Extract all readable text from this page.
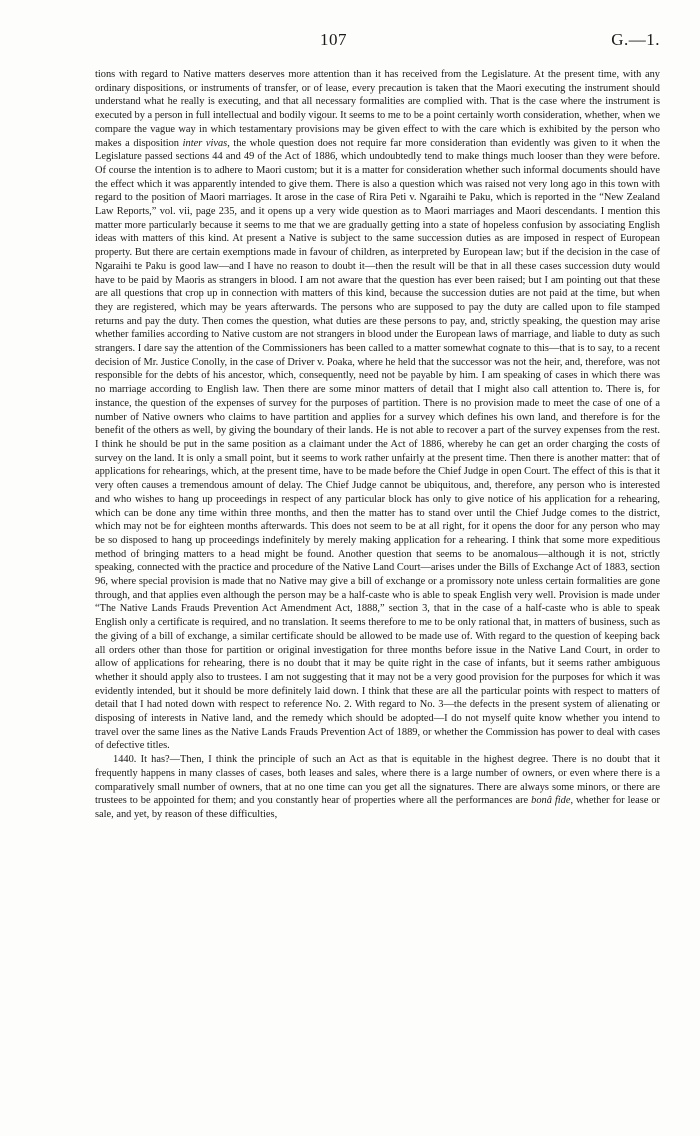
107	G.—1.

tions with regard to Native matters deserves more attention than it has received from the Legislature. At the present time, with any ordinary dispositions, or instruments of transfer, or of lease, every precaution is taken that the Maori executing the instrument should understand what he really is executing, and that all necessary formalities are complied with. That is the case where the instrument is executed by a person in full intellectual and bodily vigour. It seems to me to be a point certainly worth consideration, whether, when we compare the vague way in which testamentary provisions may be given effect to with the care which is exhibited by the person who makes a disposition inter vivas, the whole question does not require far more consideration than evidently was given to it when the Legislature passed sections 44 and 49 of the Act of 1886, which undoubtedly tend to make things much looser than they were before. Of course the intention is to adhere to Maori custom; but it is a matter for consideration whether such informal documents should have the effect which it was apparently intended to give them. There is also a question which was raised not very long ago in this town with regard to the position of Maori marriages. It arose in the case of Rira Peti v. Ngaraihi te Paku, which is reported in the “New Zealand Law Reports,” vol. vii, page 235, and it opens up a very wide question as to Maori marriages and Maori descendants. I mention this matter more particularly because it seems to me that we are gradually getting into a state of hopeless confusion by associating English ideas with matters of this kind. At present a Native is subject to the same succession duties as are imposed in respect of European property. But there are certain exemptions made in favour of children, as interpreted by European law; but if the decision in the case of Ngaraihi te Paku is good law—and I have no reason to doubt it—then the result will be that in all these cases succession duty would have to be paid by Maoris as strangers in blood. I am not aware that the question has ever been raised; but I am pointing out that these are all questions that crop up in connection with matters of this kind, because the succession duties are not paid at the time, but when they are registered, which may be years afterwards. The persons who are supposed to pay the duty are called upon to file stamped returns and pay the duty. Then comes the question, what duties are these persons to pay, and, strictly speaking, the question may arise whether families according to Native custom are not strangers in blood under the European laws of marriage, and liable to duty as such strangers. I dare say the attention of the Commissioners has been called to a matter somewhat cognate to this—that is to say, to a recent decision of Mr. Justice Conolly, in the case of Driver v. Poaka, where he held that the successor was not the heir, and, therefore, was not responsible for the debts of his ancestor, which, consequently, need not be payable by him. I am speaking of cases in which there was no marriage according to English law. Then there are some minor matters of detail that I might also call attention to. There is, for instance, the question of the expenses of survey for the purposes of partition. There is no provision made to meet the case of one of a number of Native owners who claims to have partition and applies for a survey which defines his own land, and therefore is for the benefit of the others as well, by giving the boundary of their lands. He is not able to recover a part of the survey expenses from the rest. I think he should be put in the same position as a claimant under the Act of 1886, whereby he can get an order charging the costs of survey on the land. It is only a small point, but it seems to work rather unfairly at the present time. Then there is another matter: that of applications for rehearings, which, at the present time, have to be made before the Chief Judge in open Court. The effect of this is that it very often causes a tremendous amount of delay. The Chief Judge cannot be ubiquitous, and, therefore, any person who is interested and who wishes to hang up proceedings in respect of any particular block has only to give notice of his application for a rehearing, which can be done any time within three months, and then the matter has to stand over until the Chief Judge comes to the district, which may not be for eighteen months afterwards. This does not seem to be at all right, for it opens the door for any person who may be so disposed to hang up proceedings indefinitely by merely making application for a rehearing. I think that some more expeditious method of bringing matters to a head might be found. Another question that seems to be anomalous—although it is not, strictly speaking, connected with the practice and procedure of the Native Land Court—arises under the Bills of Exchange Act of 1883, section 96, where special provision is made that no Native may give a bill of exchange or a promissory note unless certain formalities are gone through, and that applies even although the person may be a half-caste who is able to speak English very well. Provision is made under “The Native Lands Frauds Prevention Act Amendment Act, 1888,” section 3, that in the case of a half-caste who is able to speak English only a certificate is required, and no translation. It seems therefore to me to be only rational that, in matters of business, such as the giving of a bill of exchange, a similar certificate should be allowed to be made use of. With regard to the question of keeping back all orders other than those for partition or original investigation for three months before issue in the Native Land Court, in order to allow of applications for rehearing, there is no doubt that it may be quite right in the case of infants, but it seems rather ambiguous whether it should apply also to trustees. I am not suggesting that it may not be a very good provision for the purposes for which it was evidently intended, but it should be more definitely laid down. I think that these are all the particular points with respect to matters of detail that I had noted down with respect to reference No. 2. With regard to No. 3—the defects in the present system of alienating or disposing of interests in Native land, and the remedy which should be adopted—I do not myself quite know whether you intend to travel over the same lines as the Native Lands Frauds Prevention Act of 1889, or whether the Commission has power to deal with cases of defective titles.

1440. It has?—Then, I think the principle of such an Act as that is equitable in the highest degree. There is no doubt that it frequently happens in many classes of cases, both leases and sales, where there is a large number of owners, or even where there is a comparatively small number of owners, that at no one time can you get all the signatures. There are always some minors, or there are trustees to be appointed for them; and you constantly hear of properties where all the performances are bonâ fide, whether for lease or sale, and yet, by reason of these difficulties,
